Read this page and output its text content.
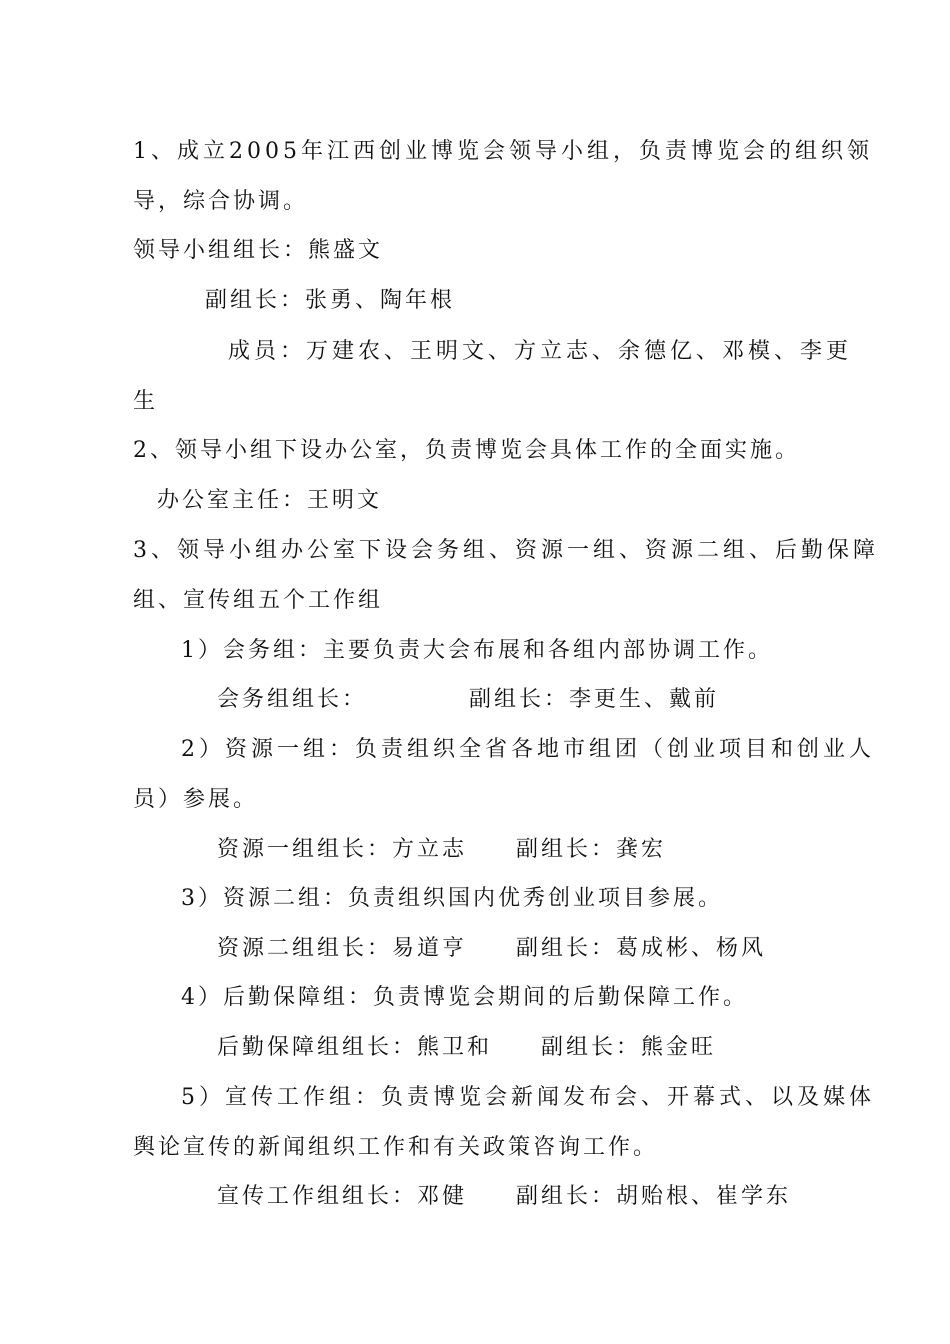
1、成立2005年江西创业博览会领导小组，负责博览会的组织领
导，综合协调。
领导小组组长：熊盛文
副组长：张勇、陶年根
成员：万建农、王明文、方立志、余德亿、邓模、李更
生
2、领导小组下设办公室，负责博览会具体工作的全面实施。
办公室主任：王明文
3、领导小组办公室下设会务组、资源一组、资源二组、后勤保障
组、宣传组五个工作组
1）会务组：主要负责大会布展和各组内部协调工作。
会务组组长：	副组长：李更生、戴前
2）资源一组：负责组织全省各地市组团（创业项目和创业人
员）参展。
资源一组组长：方立志 副组长：龚宏
3）资源二组：负责组织国内优秀创业项目参展。
资源二组组长：易道亨 副组长：葛成彬、杨风
4）后勤保障组：负责博览会期间的后勤保障工作。
后勤保障组组长：熊卫和 副组长：熊金旺
5）宣传工作组：负责博览会新闻发布会、开幕式、以及媒体
舆论宣传的新闻组织工作和有关政策咨询工作。
宣传工作组组长：邓健 副组长：胡贻根、崔学东
